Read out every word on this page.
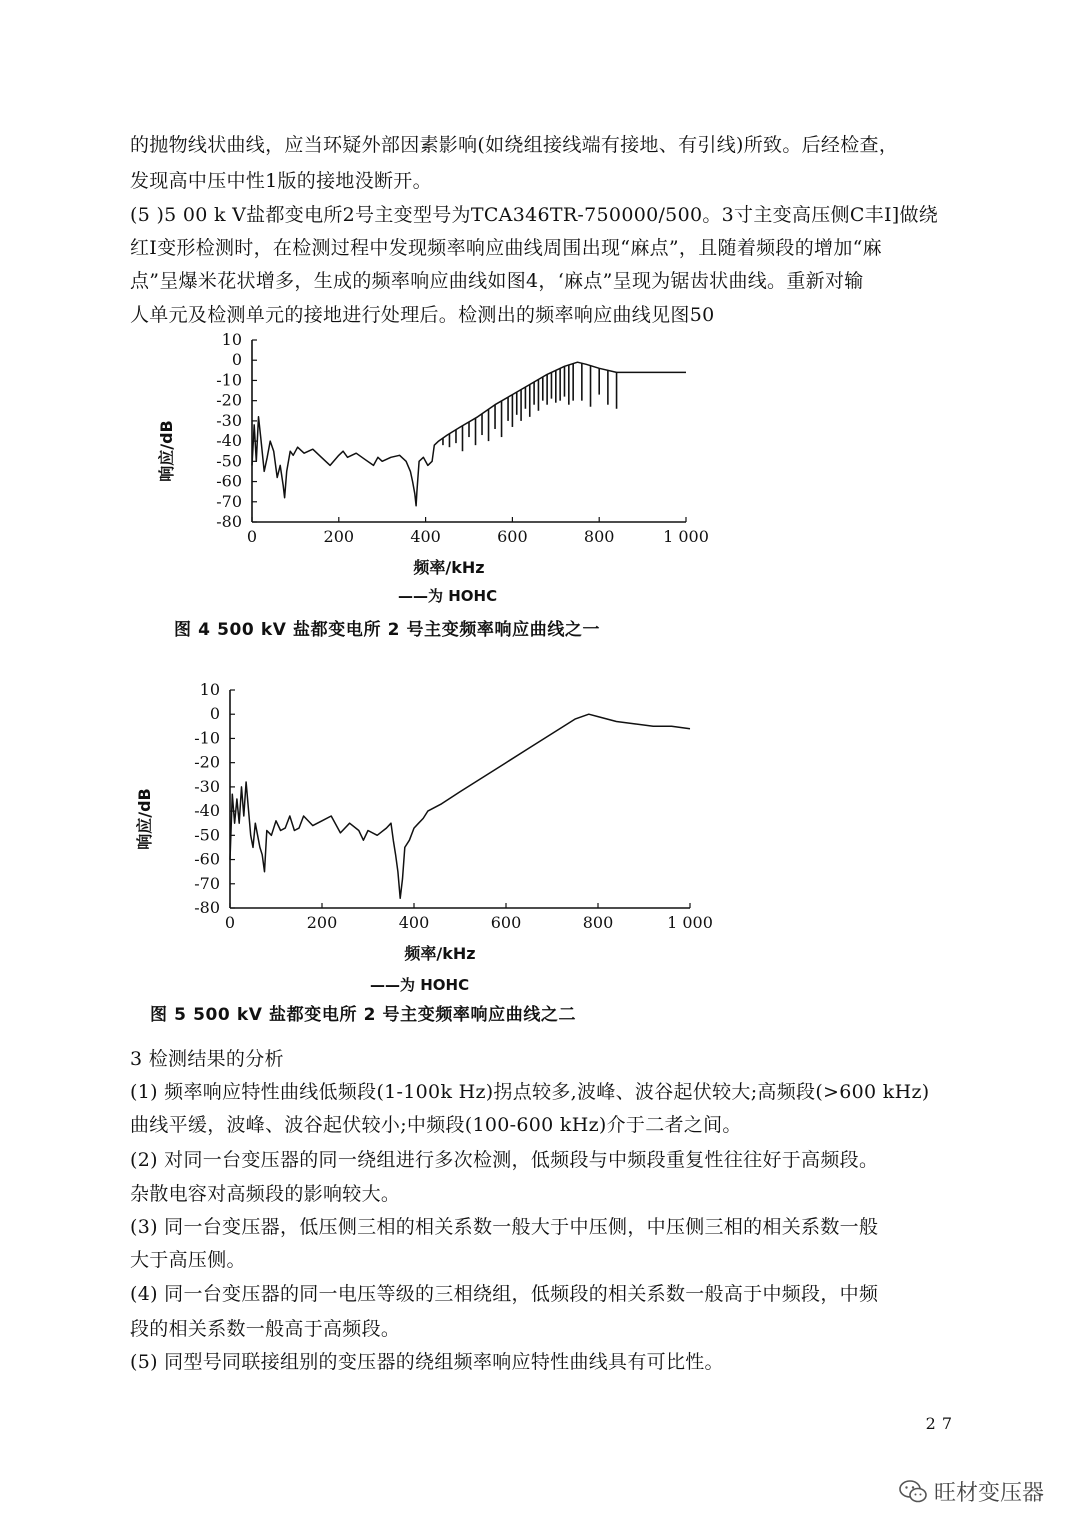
的抛物线状曲线，应当环疑外部因素影响(如绕组接线端有接地、有引线)所致。后经检查，
发现高中压中性1版的接地没断开。
(5 )5 00 k V盐都变电所2号主变型号为TCA346TR-750000/500。3寸主变高压侧C丰I]做绕
红I变形检测时，在检测过程中发现频率响应曲线周围出现“麻点”，且随着频段的增加“麻
点”呈爆米花状增多，生成的频率响应曲线如图4，‘麻点”呈现为锯齿状曲线。重新对输
人单元及检测单元的接地进行处理后。检测出的频率响应曲线见图50
10
0
-10
-20
-30
-40
-50
-60
-70
-80
0	200	400	600	800	1 000
频率/kHz
响应/dB
10
0
-10
-20
-30
-40
-50
-60
-70
-80
0	200	400	600	800	1 000
频率/kHz
响应/dB
——为 HOHC
图 4 500 kV 盐都变电所 2 号主变频率响应曲线之一
——为 HOHC
图 5 500 kV 盐都变电所 2 号主变频率响应曲线之二
3 检测结果的分析
(1) 频率响应特性曲线低频段(1-100k Hz)拐点较多,波峰、波谷起伏较大;高频段(>600 kHz)
曲线平缓，波峰、波谷起伏较小;中频段(100-600 kHz)介于二者之间。
(2) 对同一台变压器的同一绕组进行多次检测，低频段与中频段重复性往往好于高频段。
杂散电容对高频段的影响较大。
(3) 同一台变压器，低压侧三相的相关系数一般大于中压侧，中压侧三相的相关系数一般
大于高压侧。
(4) 同一台变压器的同一电压等级的三相绕组，低频段的相关系数一般高于中频段，中频
段的相关系数一般高于高频段。
(5) 同型号同联接组别的变压器的绕组频率响应特性曲线具有可比性。
27
旺材变压器
